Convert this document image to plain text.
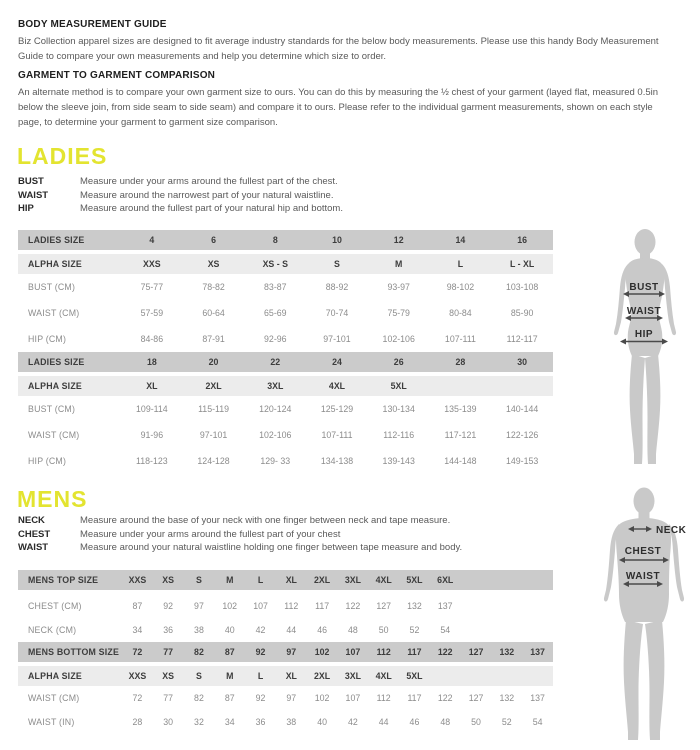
BODY MEASUREMENT GUIDE
Biz Collection apparel sizes are designed to fit average industry standards for the below body measurements. Please use this handy Body Measurement Guide to compare your own measurements and help you determine which size to order.
GARMENT TO GARMENT COMPARISON
An alternate method is to compare your own garment size to ours. You can do this by measuring the ½ chest of your garment (layed flat, measured 0.5in below the sleeve join, from side seam to side seam) and compare it to ours. Please refer to the individual garment measurements, shown on each style page, to determine your garment to garment size comparison.
LADIES
BUST	Measure under your arms around the fullest part of the chest.
WAIST	Measure around the narrowest part of your natural waistline.
HIP	Measure around the fullest part of your natural hip and bottom.
LADIES SIZE	4	6	8	10	12	14	16
ALPHA SIZE	XXS	XS	XS - S	S	M	L	L - XL
BUST (CM)	75-77	78-82	83-87	88-92	93-97	98-102	103-108
WAIST (CM)	57-59	60-64	65-69	70-74	75-79	80-84	85-90
HIP (CM)	84-86	87-91	92-96	97-101	102-106	107-111	112-117
LADIES SIZE	18	20	22	24	26	28	30
ALPHA SIZE	XL	2XL	3XL	4XL	5XL
BUST (CM)	109-114	115-119	120-124	125-129	130-134	135-139	140-144
WAIST (CM)	91-96	97-101	102-106	107-111	112-116	117-121	122-126
HIP (CM)	118-123	124-128	129- 33	134-138	139-143	144-148	149-153
BUST
WAIST
HIP
MENS
NECK	Measure around the base of your neck with one finger between neck and tape measure.
CHEST	Measure under your arms around the fullest part of your chest
WAIST	Measure around your natural waistline holding one finger between tape measure and body.
MENS TOP SIZE	XXS	XS	S	M	L	XL	2XL	3XL	4XL	5XL	6XL
CHEST (CM)	87	92	97	102	107	112	117	122	127	132	137
NECK (CM)	34	36	38	40	42	44	46	48	50	52	54
MENS BOTTOM SIZE	72	77	82	87	92	97	102	107	112	117	122	127	132	137
ALPHA SIZE	XXS	XS	S	M	L	XL	2XL	3XL	4XL	5XL
WAIST (CM)	72	77	82	87	92	97	102	107	112	117	122	127	132	137
WAIST (IN)	28	30	32	34	36	38	40	42	44	46	48	50	52	54
NECK
CHEST
WAIST
